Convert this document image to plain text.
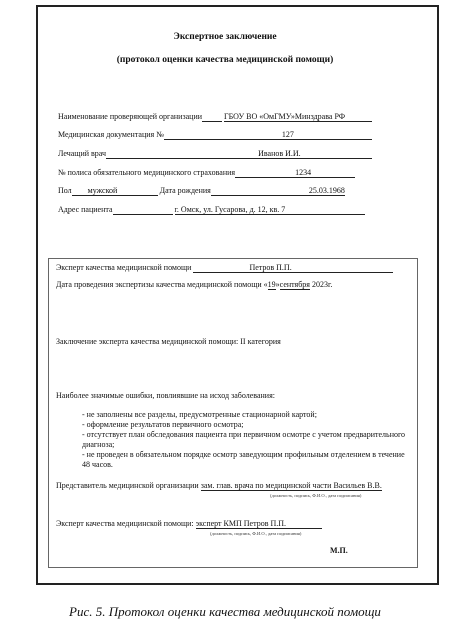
Экспертное заключение
(протокол оценки качества медицинской помощи)
Наименование проверяющей организации	ГБОУ ВО «ОмГМУ»Минздрава РФ
Медицинская документация №	127
Лечащий врач	Иванов И.И.
№ полиса обязательного медицинского страхования	1234
Пол мужской	Дата рождения	25.03.1968
Адрес пациента	г. Омск, ул. Гусарова, д. 12, кв. 7
Эксперт качества медицинской помощи	Петров П.П.
Дата проведения экспертизы качества медицинской помощи «19»сентября 2023г.
Заключение эксперта качества медицинской помощи: II категория
Наиболее значимые ошибки, повлиявшие на исход заболевания:
- не заполнены все разделы, предусмотренные стационарной картой;
- оформление результатов первичного осмотра;
- отсутствует план обследования пациента при первичном осмотре с учетом предварительного диагноза;
- не проведен в обязательном порядке осмотр заведующим профильным отделением в течение 48 часов.
Представитель медицинской организации зам. глав. врача по медицинской части Васильев В.В.
(должность, подпись, Ф.И.О., дата подписания)
Эксперт качества медицинской помощи: эксперт КМП Петров П.П.
(должность, подпись, Ф.И.О., дата подписания)
М.П.
Рис. 5. Протокол оценки качества медицинской помощи
